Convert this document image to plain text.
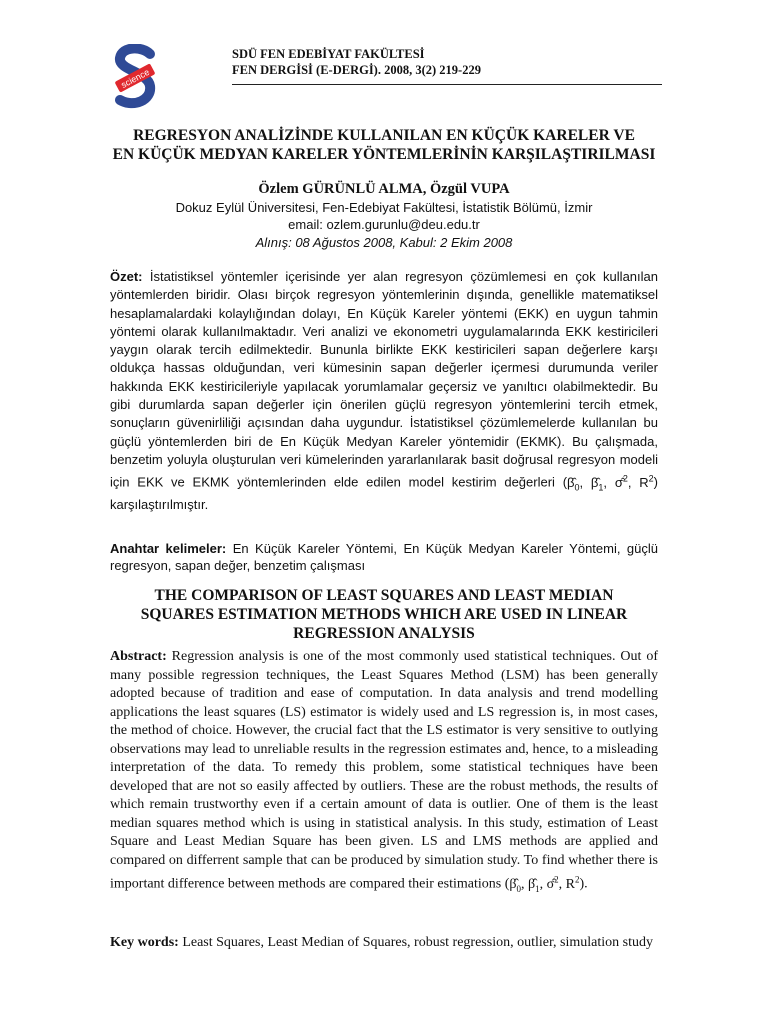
science
SDÜ FEN EDEBİYAT FAKÜLTESİ
FEN DERGİSİ (E-DERGİ). 2008, 3(2) 219-229
REGRESYON ANALİZİNDE KULLANILAN EN KÜÇÜK KARELER VE
EN KÜÇÜK MEDYAN KARELER YÖNTEMLERİNİN KARŞILAŞTIRILMASI
Özlem GÜRÜNLÜ ALMA, Özgül VUPA
Dokuz Eylül Üniversitesi, Fen-Edebiyat Fakültesi, İstatistik Bölümü, İzmir
email: ozlem.gurunlu@deu.edu.tr
Alınış: 08 Ağustos 2008, Kabul: 2 Ekim 2008
Özet: İstatistiksel yöntemler içerisinde yer alan regresyon çözümlemesi en çok kullanılan yöntemlerden biridir. Olası birçok regresyon yöntemlerinin dışında, genellikle matematiksel hesaplamalardaki kolaylığından dolayı, En Küçük Kareler yöntemi (EKK) en uygun tahmin yöntemi olarak kullanılmaktadır. Veri analizi ve ekonometri uygulamalarında EKK kestiricileri yaygın olarak tercih edilmektedir. Bununla birlikte EKK kestiricileri sapan değerlere karşı oldukça hassas olduğundan, veri kümesinin sapan değerler içermesi durumunda veriler hakkında EKK kestiricileriyle yapılacak yorumlamalar geçersiz ve yanıltıcı olabilmektedir. Bu gibi durumlarda sapan değerler için önerilen güçlü regresyon yöntemlerini tercih etmek, sonuçların güvenirliliği açısından daha uygundur. İstatistiksel çözümlemelerde kullanılan bu güçlü yöntemlerden biri de En Küçük Medyan Kareler yöntemidir (EKMK). Bu çalışmada, benzetim yoluyla oluşturulan veri kümelerinden yararlanılarak basit doğrusal regresyon modeli için EKK ve EKMK yöntemlerinden elde edilen model kestirim değerleri ($\betâ_0$, $\betâ_1$, σ̂$^2$, $R^2$) karşılaştırılmıştır.
Anahtar kelimeler: En Küçük Kareler Yöntemi, En Küçük Medyan Kareler Yöntemi, güçlü regresyon, sapan değer, benzetim çalışması
THE COMPARISON OF LEAST SQUARES AND LEAST MEDIAN
SQUARES ESTIMATION METHODS WHICH ARE USED IN LINEAR
REGRESSION ANALYSIS
Abstract: Regression analysis is one of the most commonly used statistical techniques. Out of many possible regression techniques, the Least Squares Method (LSM) has been generally adopted because of tradition and ease of computation. In data analysis and trend modelling applications the least squares (LS) estimator is widely used and LS regression is, in most cases, the method of choice. However, the crucial fact that the LS estimator is very sensitive to outlying observations may lead to unreliable results in the regression estimates and, hence, to a misleading interpretation of the data. To remedy this problem, some statistical techniques have been developed that are not so easily affected by outliers. These are the robust methods, the results of which remain trustworthy even if a certain amount of data is outlier. One of them is the least median squares method which is using in statistical analysis. In this study, estimation of Least Square and Least Median Square has been given. LS and LMS methods are applied and compared on differrent sample that can be produced by simulation study. To find whether there is important difference between methods are compared their estimations ($\betâ_0$, $\betâ_1$, σ̂$^2$, $R^2$).
Key words: Least Squares, Least Median of Squares, robust regression, outlier, simulation study
